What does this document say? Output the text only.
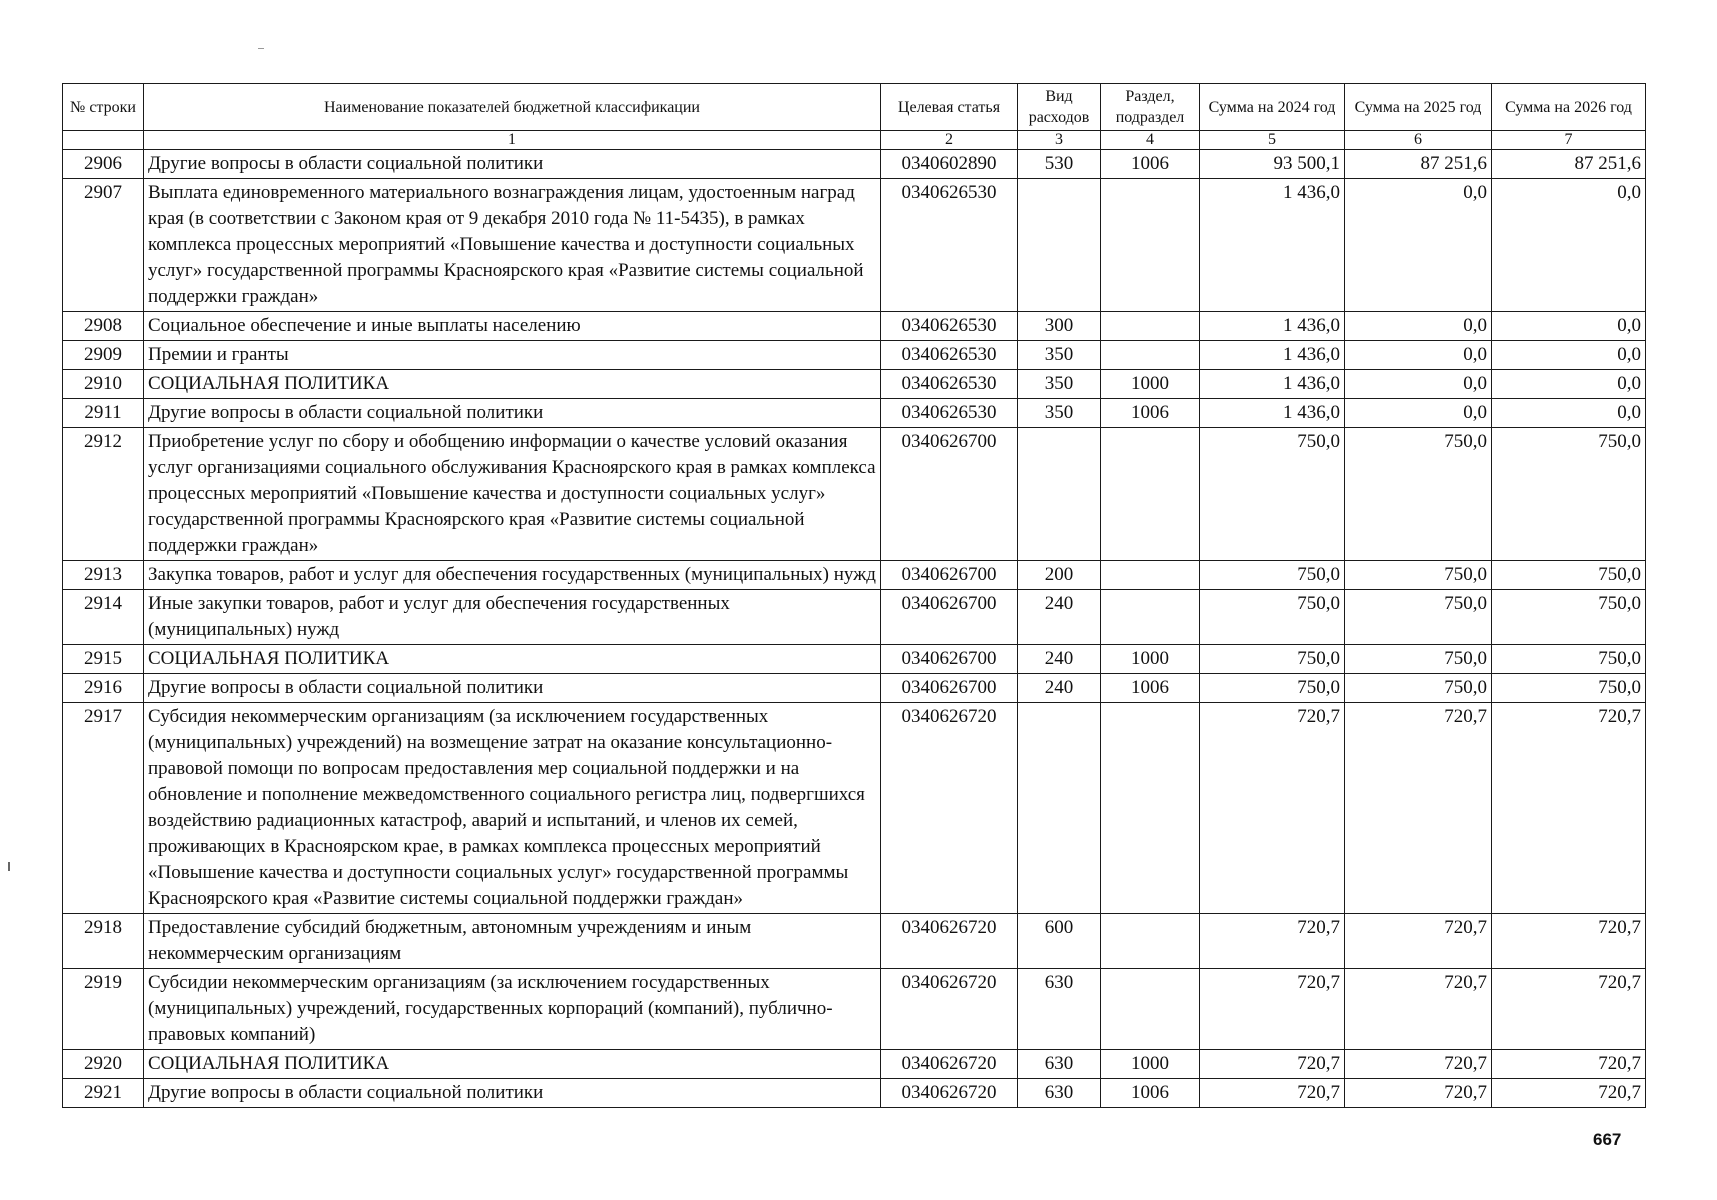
№ строки	Наименование показателей бюджетной классификации	Целевая статья	Вид расходов	Раздел, подраздел	Сумма на 2024 год	Сумма на 2025 год	Сумма на 2026 год
	1	2	3	4	5	6	7
2906	Другие вопросы в области социальной политики	0340602890	530	1006	93 500,1	87 251,6	87 251,6
2907	Выплата единовременного материального вознаграждения лицам, удостоенным наград края (в соответствии с Законом края от 9 декабря 2010 года № 11-5435), в рамках комплекса процессных мероприятий «Повышение качества и доступности социальных услуг» государственной программы Красноярского края «Развитие системы социальной поддержки граждан»	0340626530			1 436,0	0,0	0,0
2908	Социальное обеспечение и иные выплаты населению	0340626530	300		1 436,0	0,0	0,0
2909	Премии и гранты	0340626530	350		1 436,0	0,0	0,0
2910	СОЦИАЛЬНАЯ ПОЛИТИКА	0340626530	350	1000	1 436,0	0,0	0,0
2911	Другие вопросы в области социальной политики	0340626530	350	1006	1 436,0	0,0	0,0
2912	Приобретение услуг по сбору и обобщению информации о качестве условий оказания услуг организациями социального обслуживания Красноярского края в рамках комплекса процессных мероприятий «Повышение качества и доступности социальных услуг» государственной программы Красноярского края «Развитие системы социальной поддержки граждан»	0340626700			750,0	750,0	750,0
2913	Закупка товаров, работ и услуг для обеспечения государственных (муниципальных) нужд	0340626700	200		750,0	750,0	750,0
2914	Иные закупки товаров, работ и услуг для обеспечения государственных (муниципальных) нужд	0340626700	240		750,0	750,0	750,0
2915	СОЦИАЛЬНАЯ ПОЛИТИКА	0340626700	240	1000	750,0	750,0	750,0
2916	Другие вопросы в области социальной политики	0340626700	240	1006	750,0	750,0	750,0
2917	Субсидия некоммерческим организациям (за исключением государственных (муниципальных) учреждений) на возмещение затрат на оказание консультационно-правовой помощи по вопросам предоставления мер социальной поддержки и на обновление и пополнение межведомственного социального регистра лиц, подвергшихся воздействию радиационных катастроф, аварий и испытаний, и членов их семей, проживающих в Красноярском крае, в рамках комплекса процессных мероприятий «Повышение качества и доступности социальных услуг» государственной программы Красноярского края «Развитие системы социальной поддержки граждан»	0340626720			720,7	720,7	720,7
2918	Предоставление субсидий бюджетным, автономным учреждениям и иным некоммерческим организациям	0340626720	600		720,7	720,7	720,7
2919	Субсидии некоммерческим организациям (за исключением государственных (муниципальных) учреждений, государственных корпораций (компаний), публично-правовых компаний)	0340626720	630		720,7	720,7	720,7
2920	СОЦИАЛЬНАЯ ПОЛИТИКА	0340626720	630	1000	720,7	720,7	720,7
2921	Другие вопросы в области социальной политики	0340626720	630	1006	720,7	720,7	720,7
667
